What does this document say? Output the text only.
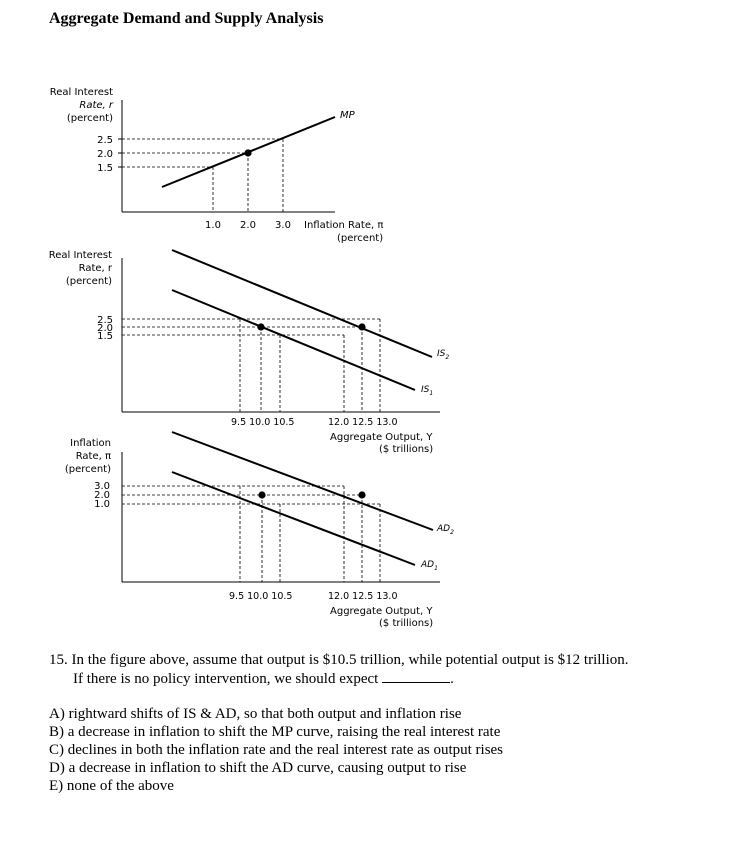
Aggregate Demand and Supply Analysis
Real Interest
Rate, r
(percent)
2.5
2.0
1.5
MP
1.0 2.0 3.0 Inflation Rate, π
(percent)
Real Interest
Rate, r
(percent)
2.5
2.0
1.5
$IS_2$
$IS_1$
9.5 10.0 10.5	12.0 12.5 13.0
Aggregate Output, Y
($ trillions)
Inflation
Rate, π
(percent)
3.0
2.0
1.0
$AD_2$
$AD_1$
9.5 10.0 10.5	12.0 12.5 13.0
Aggregate Output, Y
($ trillions)
15. In the figure above, assume that output is $10.5 trillion, while potential output is $12 trillion.
If there is no policy intervention, we should expect	.
A) rightward shifts of IS & AD, so that both output and inflation rise
B) a decrease in inflation to shift the MP curve, raising the real interest rate
C) declines in both the inflation rate and the real interest rate as output rises
D) a decrease in inflation to shift the AD curve, causing output to rise
E) none of the above
